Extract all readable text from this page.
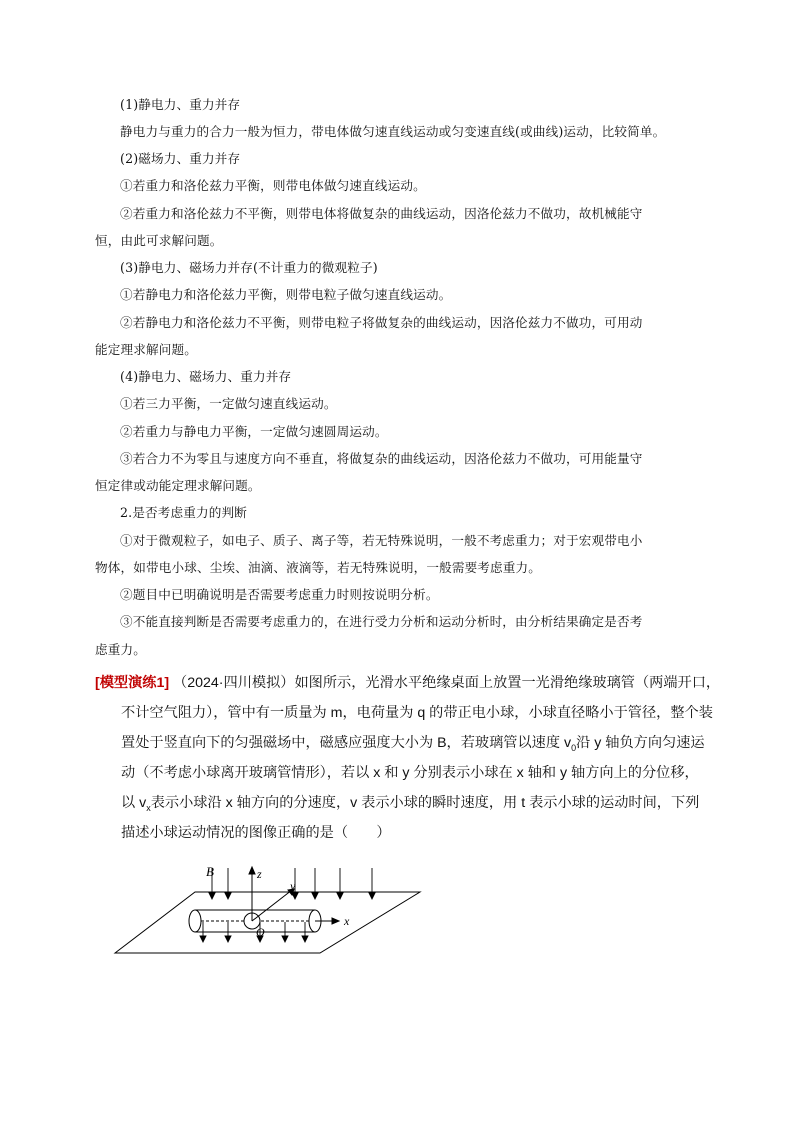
(1)静电力、重力并存
静电力与重力的合力一般为恒力，带电体做匀速直线运动或匀变速直线(或曲线)运动，比较简单。
(2)磁场力、重力并存
①若重力和洛伦兹力平衡，则带电体做匀速直线运动。
②若重力和洛伦兹力不平衡，则带电体将做复杂的曲线运动，因洛伦兹力不做功，故机械能守
恒，由此可求解问题。
(3)静电力、磁场力并存(不计重力的微观粒子)
①若静电力和洛伦兹力平衡，则带电粒子做匀速直线运动。
②若静电力和洛伦兹力不平衡，则带电粒子将做复杂的曲线运动，因洛伦兹力不做功，可用动
能定理求解问题。
(4)静电力、磁场力、重力并存
①若三力平衡，一定做匀速直线运动。
②若重力与静电力平衡，一定做匀速圆周运动。
③若合力不为零且与速度方向不垂直，将做复杂的曲线运动，因洛伦兹力不做功，可用能量守
恒定律或动能定理求解问题。
2.是否考虑重力的判断
①对于微观粒子，如电子、质子、离子等，若无特殊说明，一般不考虑重力；对于宏观带电小
物体，如带电小球、尘埃、油滴、液滴等，若无特殊说明，一般需要考虑重力。
②题目中已明确说明是否需要考虑重力时则按说明分析。
③不能直接判断是否需要考虑重力的，在进行受力分析和运动分析时，由分析结果确定是否考
虑重力。
[模型演练1] （2024·四川模拟）如图所示，光滑水平绝缘桌面上放置一光滑绝缘玻璃管（两端开口，
不计空气阻力），管中有一质量为 m，电荷量为 q 的带正电小球，小球直径略小于管径，整个装
置处于竖直向下的匀强磁场中，磁感应强度大小为 B，若玻璃管以速度 $v_0$沿 y 轴负方向匀速运
动（不考虑小球离开玻璃管情形），若以 x 和 y 分别表示小球在 x 轴和 y 轴方向上的分位移，
以 $v_x$表示小球沿 x 轴方向的分速度，v 表示小球的瞬时速度，用 t 表示小球的运动时间，下列
描述小球运动情况的图像正确的是（　　）
B	z
y
x
O
